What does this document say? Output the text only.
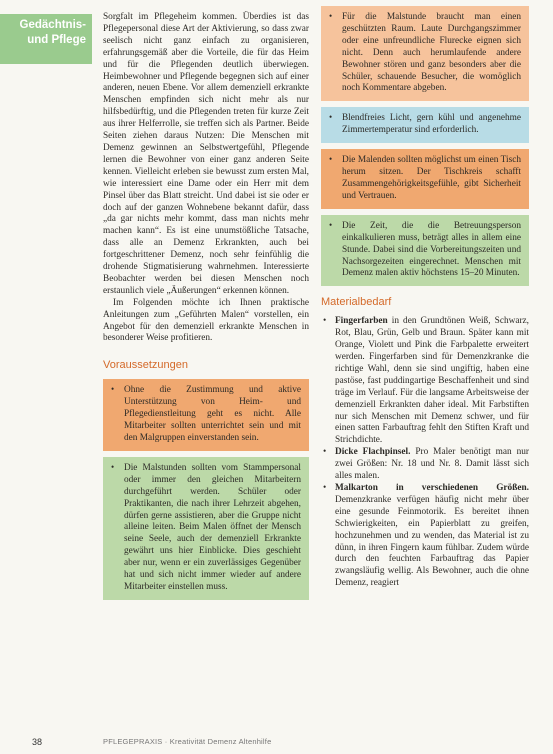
Gedächtnis-
und Pflege

Sorgfalt im Pflegeheim kommen. Überdies ist das Pflegepersonal diese Art der Aktivierung, so dass zwar seelisch nicht ganz einfach zu organisieren, erfahrungsgemäß aber die Vorteile, die für das Heim und für die Pflegenden deutlich überwiegen. Heimbewohner und Pflegende begegnen sich auf einer anderen, neuen Ebene. Vor allem demenziell erkrankte Menschen empfinden sich nicht mehr als nur hilfsbedürftig, und die Pflegenden treten für kurze Zeit aus ihrer Helferrolle, sie treffen sich als Partner. Beide Seiten ziehen daraus Nutzen: Die Menschen mit Demenz gewinnen an Selbstwertgefühl, Pflegende lernen die Bewohner von einer ganz anderen Seite kennen. Vielleicht erleben sie bewusst zum ersten Mal, wie interessiert eine Dame oder ein Herr mit dem Pinsel über das Blatt streicht. Und dabei ist sie oder er doch auf der ganzen Wohnebene bekannt dafür, dass „da gar nichts mehr kommt, dass man nichts mehr machen kann“. Es ist eine unumstößliche Tatsache, dass alle an Demenz Erkrankten, auch bei fortgeschrittener Demenz, noch sehr feinfühlig die drohende Stigmatisierung wahrnehmen. Interessierte Beobachter werden bei diesen Menschen noch erstaunlich viele „Äußerungen“ erkennen können.

Im Folgenden möchte ich Ihnen praktische Anleitungen zum „Geführten Malen“ vorstellen, ein Angebot für den demenziell erkrankte Menschen in besonderer Weise profitieren.

Voraussetzungen
• Ohne die Zustimmung und aktive Unterstützung von Heim- und Pflegedienstleitung geht es nicht. Alle Mitarbeiter sollten unterrichtet sein und mit den Malgruppen einverstanden sein.
• Die Malstunden sollten vom Stammpersonal oder immer den gleichen Mitarbeitern durchgeführt werden. Schüler oder Praktikanten, die nach ihrer Lehrzeit abgehen, dürfen gerne assistieren, aber die Gruppe nicht alleine leiten. Beim Malen öffnet der Mensch seine Seele, auch der demenziell Erkrankte gewährt uns hier Einblicke. Dies geschieht aber nur, wenn er ein zuverlässiges Gegenüber hat und sich nicht immer wieder auf andere Mitarbeiter einstellen muss.
• Für die Malstunde braucht man einen geschützten Raum. Laute Durchgangszimmer oder eine unfreundliche Flurecke eignen sich nicht. Denn auch herumlaufende andere Bewohner stören und ganz besonders aber die Schüler, schauende Besucher, die womöglich noch Kommentare abgeben.
• Blendfreies Licht, gern kühl und angenehme Zimmertemperatur sind erforderlich.
• Die Malenden sollten möglichst um einen Tisch herum sitzen. Der Tischkreis schafft Zusammengehörigkeitsgefühle, gibt Sicherheit und Vertrauen.
• Die Zeit, die die Betreuungsperson einkalkulieren muss, beträgt alles in allem eine Stunde. Dabei sind die Vorbereitungszeiten und Nachsorgezeiten eingerechnet. Menschen mit Demenz malen aktiv höchstens 15–20 Minuten.
Materialbedarf
• Fingerfarben in den Grundtönen Weiß, Schwarz, Rot, Blau, Grün, Gelb und Braun. Später kann mit Orange, Violett und Pink die Farbpalette erweitert werden. Fingerfarben sind für Demenzkranke die richtige Wahl, denn sie sind ungiftig, haben eine pastöse, fast puddingartige Beschaffenheit und sind träge im Verlauf. Für die langsame Arbeitsweise der demenziell Erkrankten daher ideal. Mit Farbstiften nur sich Menschen mit Demenz schwer, und für einen satten Farbauftrag fehlt den Stiften Kraft und Strichdichte.
• Dicke Flachpinsel. Pro Maler benötigt man nur zwei Größen: Nr. 18 und Nr. 8. Damit lässt sich alles malen.
• Malkarton in verschiedenen Größen. Demenzkranke verfügen häufig nicht mehr über eine gesunde Feinmotorik. Es bereitet ihnen Schwierigkeiten, ein Papierblatt zu greifen, hochzunehmen und zu wenden, das Material ist zu dünn, in ihren Fingern kaum fühlbar. Zudem würde durch den feuchten Farbauftrag das Papier zwangsläufig wellig. Als Bewohner, auch die ohne Demenz, reagiert
38	PFLEGEPRAXIS · Kreativität Demenz Altenhilfe
